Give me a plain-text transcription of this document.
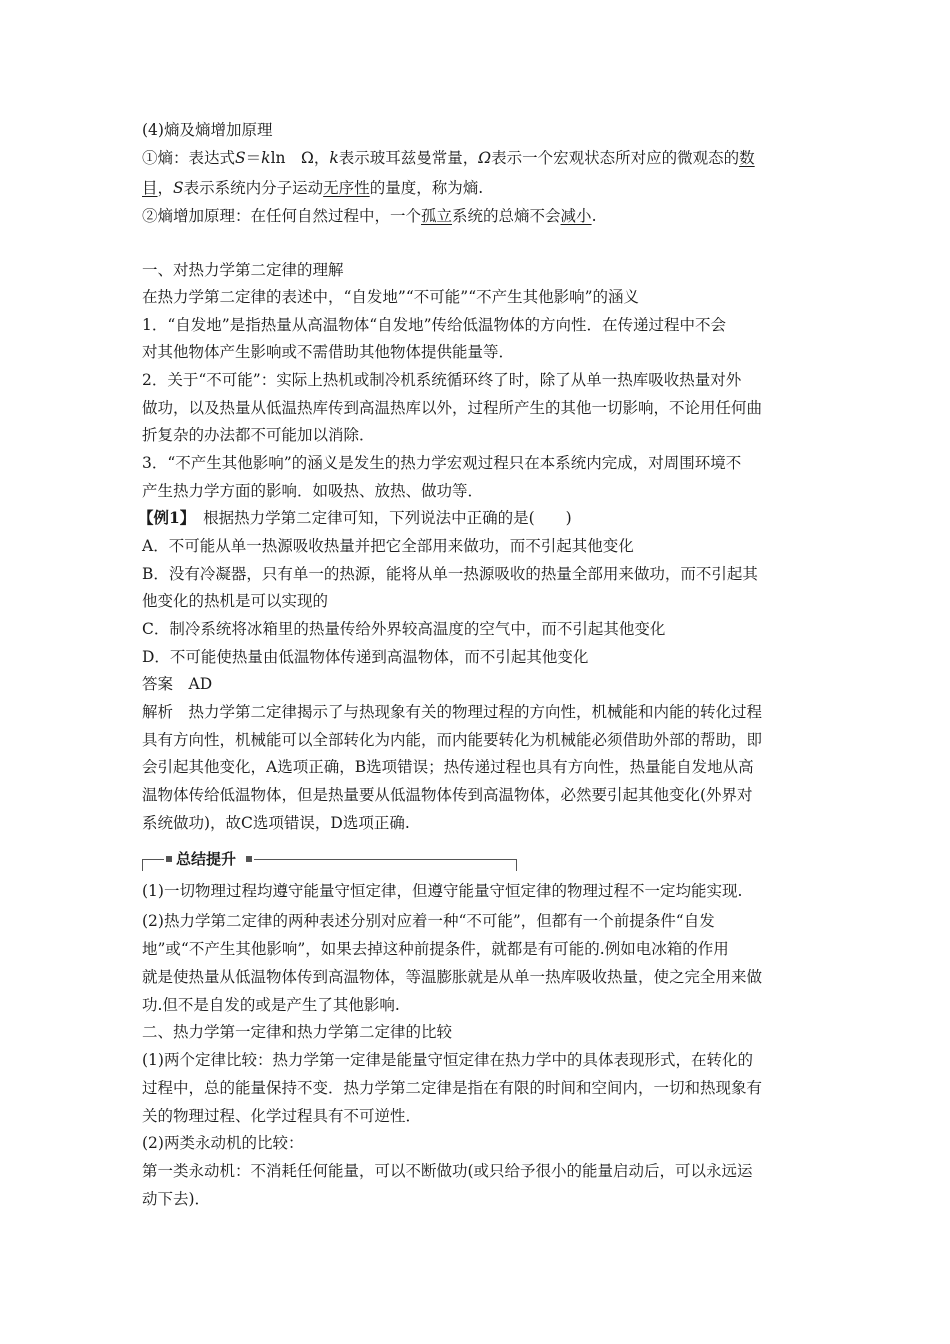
(4)熵及熵增加原理
①熵：表达式S＝kln　Ω，k表示玻耳兹曼常量，Ω表示一个宏观状态所对应的微观态的数
目，S表示系统内分子运动无序性的量度，称为熵.
②熵增加原理：在任何自然过程中，一个孤立系统的总熵不会减小.
一、对热力学第二定律的理解
在热力学第二定律的表述中，“自发地”“不可能”“不产生其他影响”的涵义
1．“自发地”是指热量从高温物体“自发地”传给低温物体的方向性．在传递过程中不会
对其他物体产生影响或不需借助其他物体提供能量等．
2．关于“不可能”：实际上热机或制冷机系统循环终了时，除了从单一热库吸收热量对外
做功，以及热量从低温热库传到高温热库以外，过程所产生的其他一切影响，不论用任何曲
折复杂的办法都不可能加以消除．
3．“不产生其他影响”的涵义是发生的热力学宏观过程只在本系统内完成，对周围环境不
产生热力学方面的影响．如吸热、放热、做功等．
【例1】　 根据热力学第二定律可知，下列说法中正确的是(　　)
A．不可能从单一热源吸收热量并把它全部用来做功，而不引起其他变化
B．没有冷凝器，只有单一的热源，能将从单一热源吸收的热量全部用来做功，而不引起其
他变化的热机是可以实现的
C．制冷系统将冰箱里的热量传给外界较高温度的空气中，而不引起其他变化
D．不可能使热量由低温物体传递到高温物体，而不引起其他变化
答案　AD
解析　热力学第二定律揭示了与热现象有关的物理过程的方向性，机械能和内能的转化过程
具有方向性，机械能可以全部转化为内能，而内能要转化为机械能必须借助外部的帮助，即
会引起其他变化，A选项正确，B选项错误；热传递过程也具有方向性，热量能自发地从高
温物体传给低温物体，但是热量要从低温物体传到高温物体，必然要引起其他变化(外界对
系统做功)，故C选项错误，D选项正确.
总结提升
(1)一切物理过程均遵守能量守恒定律，但遵守能量守恒定律的物理过程不一定均能实现.
(2)热力学第二定律的两种表述分别对应着一种“不可能”，但都有一个前提条件“自发
地”或“不产生其他影响”，如果去掉这种前提条件，就都是有可能的.例如电冰箱的作用
就是使热量从低温物体传到高温物体，等温膨胀就是从单一热库吸收热量，使之完全用来做
功.但不是自发的或是产生了其他影响.
二、热力学第一定律和热力学第二定律的比较
(1)两个定律比较：热力学第一定律是能量守恒定律在热力学中的具体表现形式，在转化的
过程中，总的能量保持不变．热力学第二定律是指在有限的时间和空间内，一切和热现象有
关的物理过程、化学过程具有不可逆性．
(2)两类永动机的比较：
第一类永动机：不消耗任何能量，可以不断做功(或只给予很小的能量启动后，可以永远运
动下去)．
